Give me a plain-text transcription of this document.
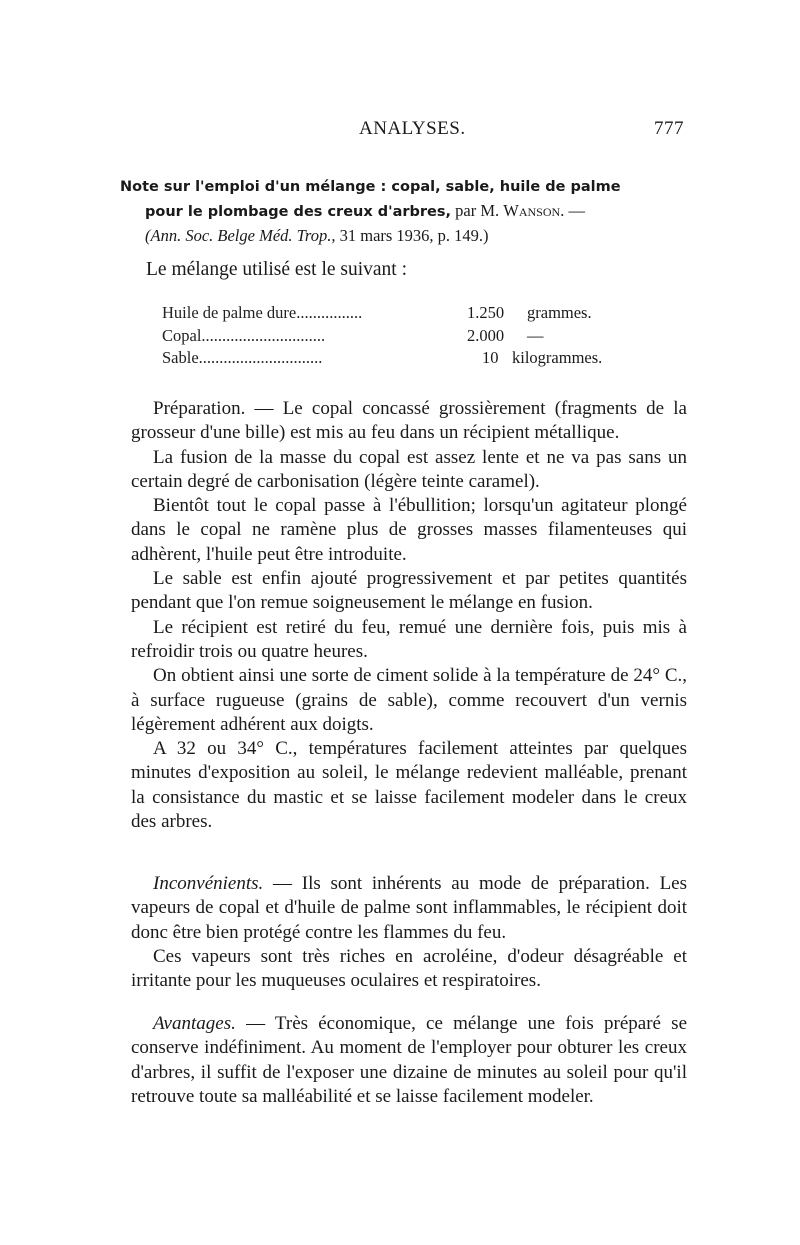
ANALYSES.	777
Note sur l'emploi d'un mélange : copal, sable, huile de palme
pour le plombage des creux d'arbres, par M. Wanson. —
(Ann. Soc. Belge Méd. Trop., 31 mars 1936, p. 149.)
Le mélange utilisé est le suivant :
Huile de palme dure................	1.250 grammes.
Copal..............................	2.000 —
Sable..............................	10 kilogrammes.

Préparation. — Le copal concassé grossièrement (fragments de la grosseur d'une bille) est mis au feu dans un récipient métallique.

La fusion de la masse du copal est assez lente et ne va pas sans un certain degré de carbonisation (légère teinte caramel).

Bientôt tout le copal passe à l'ébullition; lorsqu'un agitateur plongé dans le copal ne ramène plus de grosses masses filamenteuses qui adhèrent, l'huile peut être introduite.

Le sable est enfin ajouté progressivement et par petites quantités pendant que l'on remue soigneusement le mélange en fusion.

Le récipient est retiré du feu, remué une dernière fois, puis mis à refroidir trois ou quatre heures.

On obtient ainsi une sorte de ciment solide à la température de 24° C., à surface rugueuse (grains de sable), comme recouvert d'un vernis légèrement adhérent aux doigts.

A 32 ou 34° C., températures facilement atteintes par quelques minutes d'exposition au soleil, le mélange redevient malléable, prenant la consistance du mastic et se laisse facilement modeler dans le creux des arbres.

Inconvénients. — Ils sont inhérents au mode de préparation. Les vapeurs de copal et d'huile de palme sont inflammables, le récipient doit donc être bien protégé contre les flammes du feu.

Ces vapeurs sont très riches en acroléine, d'odeur désagréable et irritante pour les muqueuses oculaires et respiratoires.

Avantages. — Très économique, ce mélange une fois préparé se conserve indéfiniment. Au moment de l'employer pour obturer les creux d'arbres, il suffit de l'exposer une dizaine de minutes au soleil pour qu'il retrouve toute sa malléabilité et se laisse facilement modeler.
